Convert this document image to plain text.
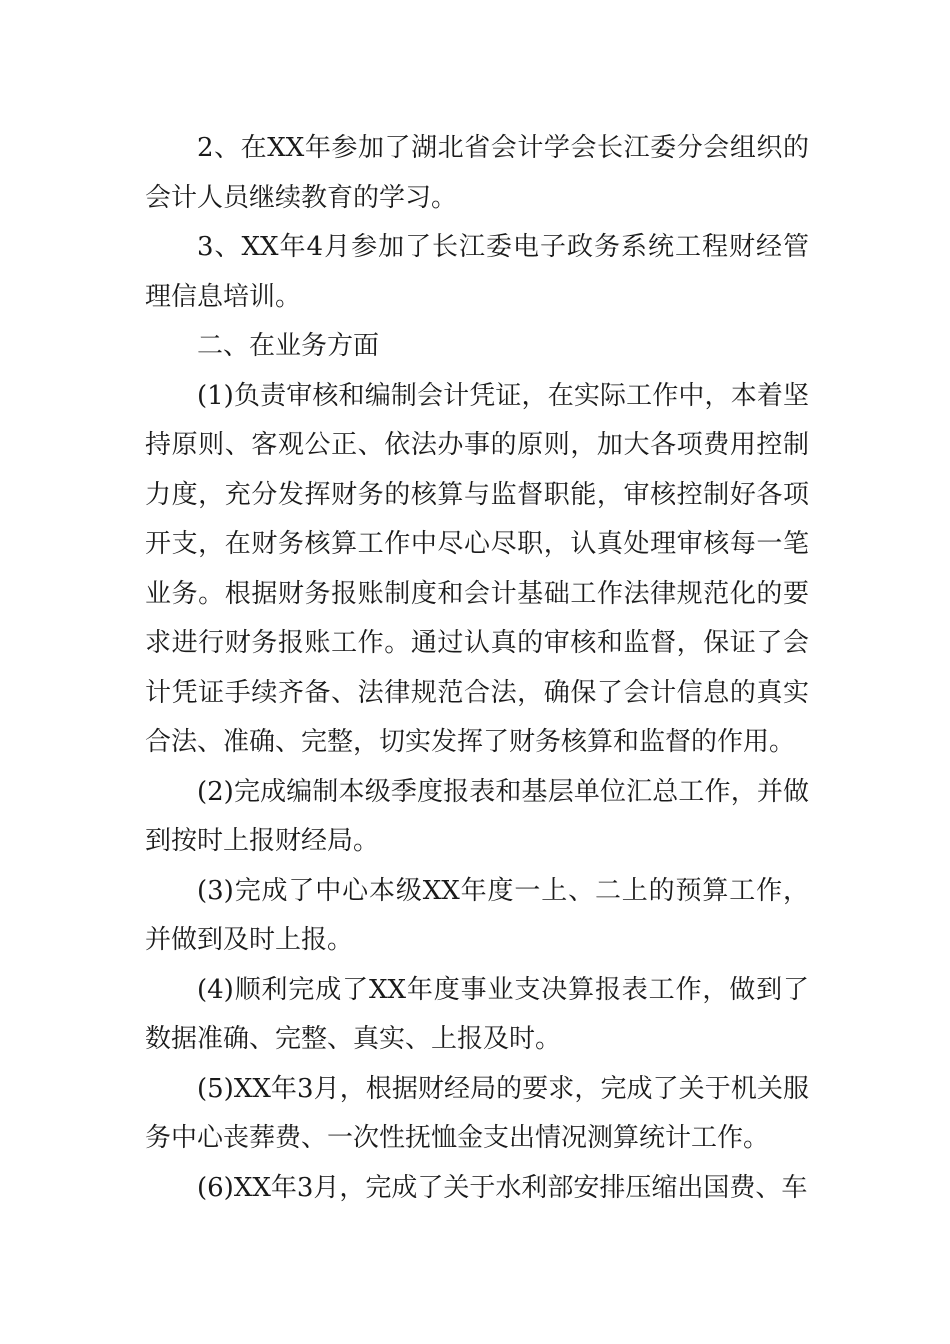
2、在XX年参加了湖北省会计学会长江委分会组织的会计人员继续教育的学习。

3、XX年4月参加了长江委电子政务系统工程财经管理信息培训。

二、在业务方面

(1)负责审核和编制会计凭证，在实际工作中，本着坚持原则、客观公正、依法办事的原则，加大各项费用控制力度，充分发挥财务的核算与监督职能，审核控制好各项开支，在财务核算工作中尽心尽职，认真处理审核每一笔业务。根据财务报账制度和会计基础工作法律规范化的要求进行财务报账工作。通过认真的审核和监督，保证了会计凭证手续齐备、法律规范合法，确保了会计信息的真实合法、准确、完整，切实发挥了财务核算和监督的作用。

(2)完成编制本级季度报表和基层单位汇总工作，并做到按时上报财经局。

(3)完成了中心本级XX年度一上、二上的预算工作，并做到及时上报。

(4)顺利完成了XX年度事业支决算报表工作，做到了数据准确、完整、真实、上报及时。

(5)XX年3月，根据财经局的要求，完成了关于机关服务中心丧葬费、一次性抚恤金支出情况测算统计工作。

(6)XX年3月，完成了关于水利部安排压缩出国费、车
